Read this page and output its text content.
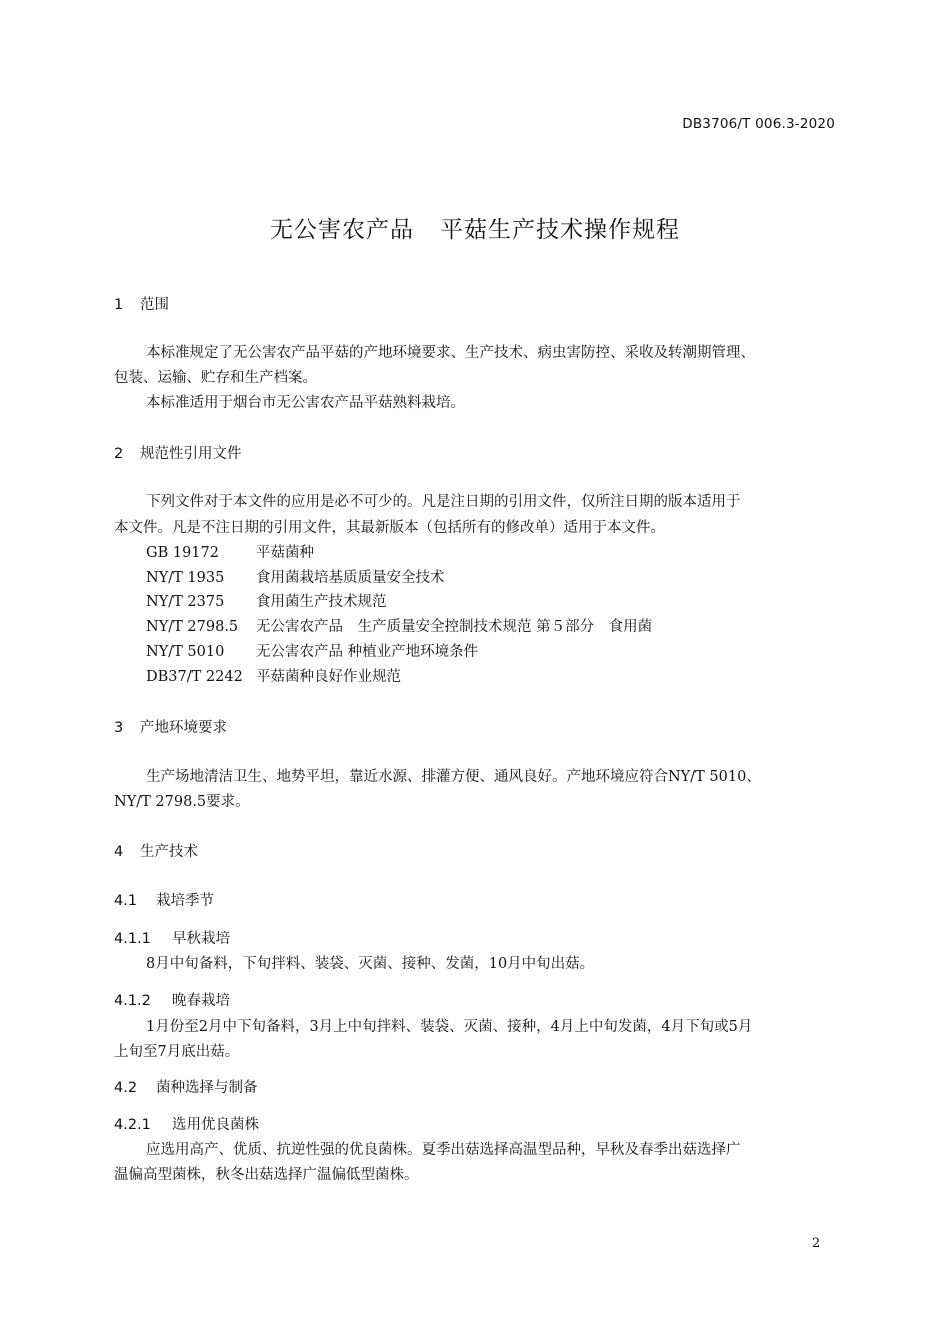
DB3706/T 006.3-2020
无公害农产品 平菇生产技术操作规程
1 范围
本标准规定了无公害农产品平菇的产地环境要求、生产技术、病虫害防控、采收及转潮期管理、
包装、运输、贮存和生产档案。
本标准适用于烟台市无公害农产品平菇熟料栽培。
2 规范性引用文件
下列文件对于本文件的应用是必不可少的。凡是注日期的引用文件，仅所注日期的版本适用于
本文件。凡是不注日期的引用文件，其最新版本（包括所有的修改单）适用于本文件。
GB 19172	平菇菌种
NY/T 1935 食用菌栽培基质质量安全技术
NY/T 2375 食用菌生产技术规范
NY/T 2798.5 无公害农产品　生产质量安全控制技术规范 第５部分　食用菌
NY/T 5010 无公害农产品 种植业产地环境条件
DB37/T 2242 平菇菌种良好作业规范
3 产地环境要求
生产场地清洁卫生、地势平坦，靠近水源、排灌方便、通风良好。产地环境应符合NY/T 5010、
NY/T 2798.5要求。
4 生产技术
4.1 栽培季节
4.1.1 早秋栽培
8月中旬备料，下旬拌料、装袋、灭菌、接种、发菌，10月中旬出菇。
4.1.2 晚春栽培
1月份至2月中下旬备料，3月上中旬拌料、装袋、灭菌、接种，4月上中旬发菌，4月下旬或5月
上旬至7月底出菇。
4.2 菌种选择与制备
4.2.1 选用优良菌株
应选用高产、优质、抗逆性强的优良菌株。夏季出菇选择高温型品种，早秋及春季出菇选择广
温偏高型菌株，秋冬出菇选择广温偏低型菌株。
2
